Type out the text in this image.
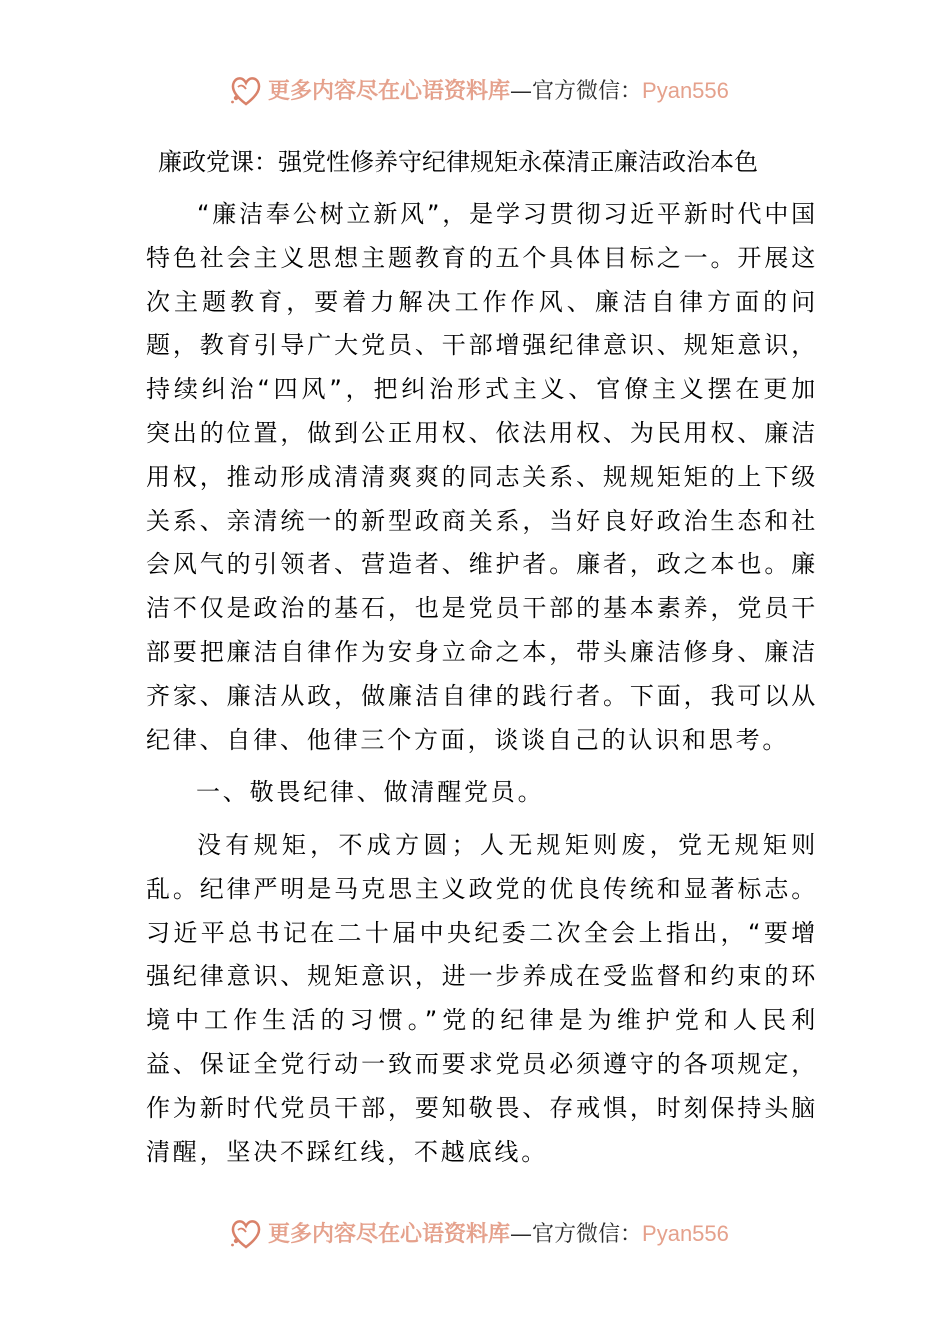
更多内容尽在心语资料库—官方微信：Pyan556
廉政党课：强党性修养守纪律规矩永葆清正廉洁政治本色
“廉洁奉公树立新风”，是学习贯彻习近平新时代中国特色社会主义思想主题教育的五个具体目标之一。开展这次主题教育，要着力解决工作作风、廉洁自律方面的问题，教育引导广大党员、干部增强纪律意识、规矩意识，持续纠治“四风”，把纠治形式主义、官僚主义摆在更加突出的位置，做到公正用权、依法用权、为民用权、廉洁用权，推动形成清清爽爽的同志关系、规规矩矩的上下级关系、亲清统一的新型政商关系，当好良好政治生态和社会风气的引领者、营造者、维护者。廉者，政之本也。廉洁不仅是政治的基石，也是党员干部的基本素养，党员干部要把廉洁自律作为安身立命之本，带头廉洁修身、廉洁齐家、廉洁从政，做廉洁自律的践行者。下面，我可以从纪律、自律、他律三个方面，谈谈自己的认识和思考。
一、敬畏纪律、做清醒党员。
没有规矩，不成方圆；人无规矩则废，党无规矩则乱。纪律严明是马克思主义政党的优良传统和显著标志。习近平总书记在二十届中央纪委二次全会上指出，“要增强纪律意识、规矩意识，进一步养成在受监督和约束的环境中工作生活的习惯。”党的纪律是为维护党和人民利益、保证全党行动一致而要求党员必须遵守的各项规定，作为新时代党员干部，要知敬畏、存戒惧，时刻保持头脑清醒，坚决不踩红线，不越底线。
更多内容尽在心语资料库—官方微信：Pyan556
